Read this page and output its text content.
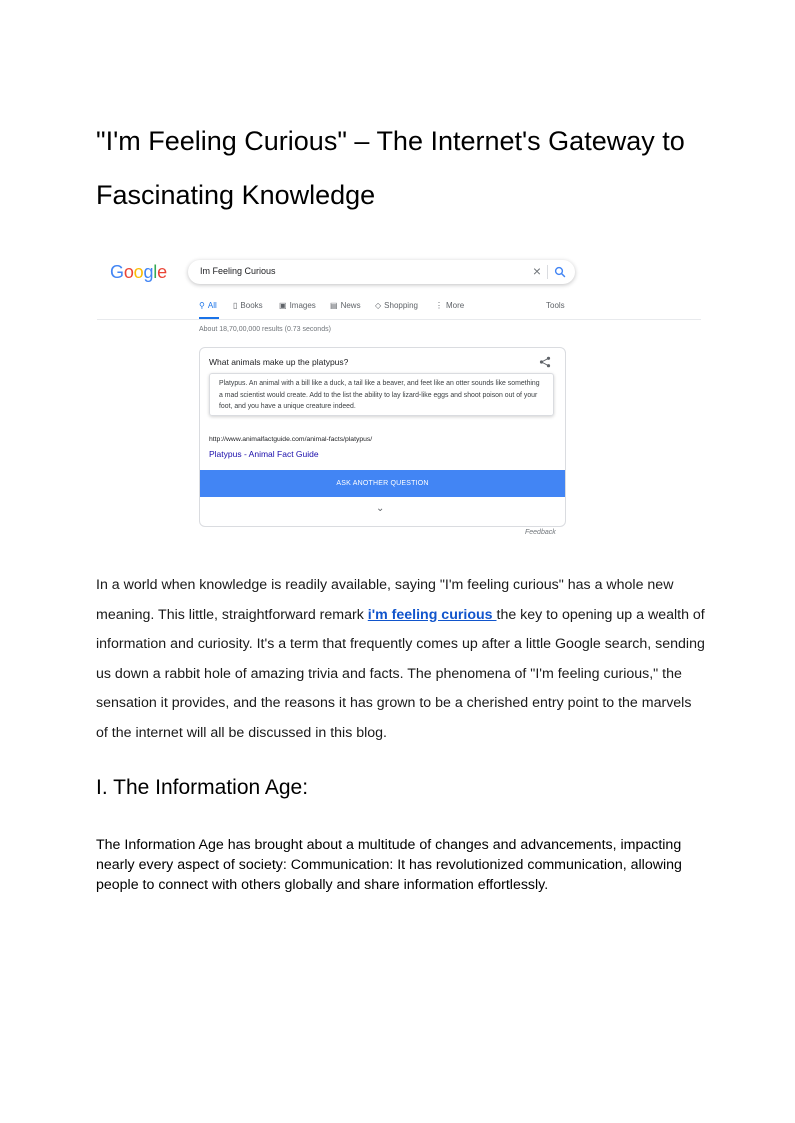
"I'm Feeling Curious" – The Internet's Gateway to Fascinating Knowledge
Google	Im Feeling Curious	×
⚲ All ▯ Books ▣ Images ▤ News ◇ Shopping ⋮ More	Tools
About 18,70,00,000 results (0.73 seconds)
What animals make up the platypus?
Platypus. An animal with a bill like a duck, a tail like a beaver, and feet like an otter sounds like something a mad scientist would create. Add to the list the ability to lay lizard-like eggs and shoot poison out of your foot, and you have a unique creature indeed.
http://www.animalfactguide.com/animal-facts/platypus/
Platypus - Animal Fact Guide
ASK ANOTHER QUESTION
⌄
Feedback

In a world when knowledge is readily available, saying "I'm feeling curious" has a whole new meaning. This little, straightforward remark i'm feeling curious the key to opening up a wealth of information and curiosity. It's a term that frequently comes up after a little Google search, sending us down a rabbit hole of amazing trivia and facts. The phenomena of "I'm feeling curious," the sensation it provides, and the reasons it has grown to be a cherished entry point to the marvels of the internet will all be discussed in this blog.

I. The Information Age:

The Information Age has brought about a multitude of changes and advancements, impacting nearly every aspect of society: Communication: It has revolutionized communication, allowing people to connect with others globally and share information effortlessly.
